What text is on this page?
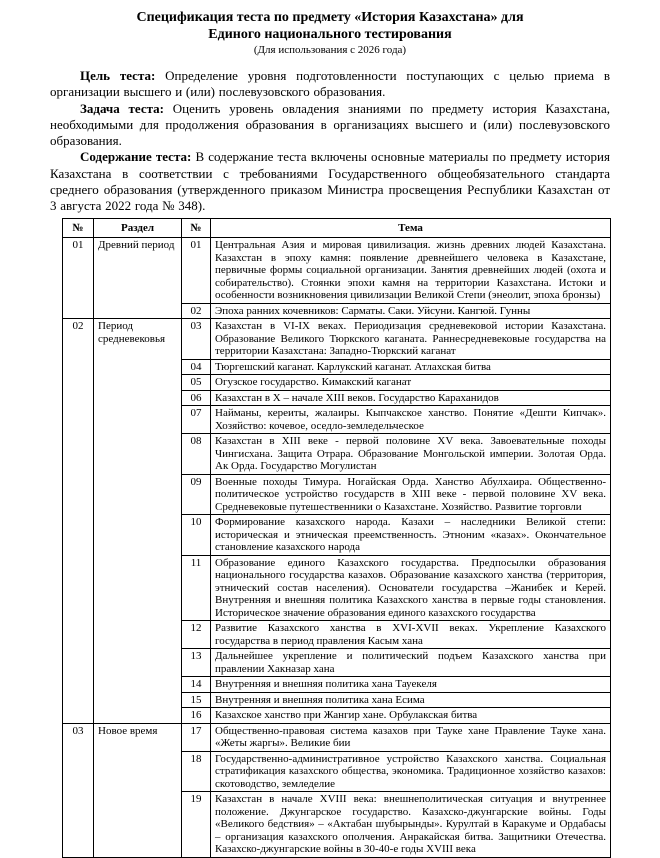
Спецификация теста по предмету «История Казахстана» для
Единого национального тестирования
(Для использования с 2026 года)

Цель теста: Определение уровня подготовленности поступающих с целью приема в организации высшего и (или) послевузовского образования.

Задача теста: Оценить уровень овладения знаниями по предмету история Казахстана, необходимыми для продолжения образования в организациях высшего и (или) послевузовского образования.

Содержание теста: В содержание теста включены основные материалы по предмету история Казахстана в соответствии с требованиями Государственного общеобязательного стандарта среднего образования (утвержденного приказом Министра просвещения Республики Казахстан от 3 августа 2022 года № 348).

№	Раздел	№	Тема
01	Древний период	01	Центральная Азия и мировая цивилизация. жизнь древних людей Казахстана. Казахстан в эпоху камня: появление древнейшего человека в Казахстане, первичные формы социальной организации. Занятия древнейших людей (охота и собирательство). Стоянки эпохи камня на территории Казахстана. Истоки и особенности возникновения цивилизации Великой Степи (энеолит, эпоха бронзы)
		02	Эпоха ранних кочевников: Сарматы. Саки. Уйсуни. Кангюй. Гунны
02	Период средневековья	03	Казахстан в VI-IX веках. Периодизация средневековой истории Казахстана. Образование Великого Тюркского каганата. Раннесредневековые государства на территории Казахстана: Западно-Тюркский каганат
		04	Тюргешский каганат. Карлукский каганат. Атлахская битва
		05	Огузское государство. Кимакский каганат
		06	Казахстан в X – начале XIII веков. Государство Караханидов
		07	Найманы, кереиты, жалаиры. Кыпчакское ханство. Понятие «Дешти Кипчак». Хозяйство: кочевое, оседло-земледельческое
		08	Казахстан в XIII веке - первой половине XV века. Завоевательные походы Чингисхана. Защита Отрара. Образование Монгольской империи. Золотая Орда. Ак Орда. Государство Могулистан
		09	Военные походы Тимура. Ногайская Орда. Ханство Абулхаира. Общественно-политическое устройство государств в XIII веке - первой половине XV века. Средневековые путешественники о Казахстане. Хозяйство. Развитие торговли
		10	Формирование казахского народа. Казахи – наследники Великой степи: историческая и этническая преемственность. Этноним «казах». Окончательное становление казахского народа
		11	Образование единого Казахского государства. Предпосылки образования национального государства казахов. Образование казахского ханства (территория, этнический состав населения). Основатели государства –Жанибек и Керей. Внутренняя и внешняя политика Казахского ханства в первые годы становления. Историческое значение образования единого казахского государства
		12	Развитие Казахского ханства в XVI-XVII веках. Укрепление Казахского государства в период правления Касым хана
		13	Дальнейшее укрепление и политический подъем Казахского ханства при правлении Хакназар хана
		14	Внутренняя и внешняя политика хана Тауекеля
		15	Внутренняя и внешняя политика хана Есима
		16	Казахское ханство при Жангир хане. Орбулакская битва
03	Новое время	17	Общественно-правовая система казахов при Тауке хане Правление Тауке хана. «Жеты жаргы». Великие бии
		18	Государственно-административное устройство Казахского ханства. Социальная стратификация казахского общества, экономика. Традиционное хозяйство казахов: скотоводство, земледелие
		19	Казахстан в начале XVIII века: внешнеполитическая ситуация и внутреннее положение. Джунгарское государство. Казахско-джунгарские войны. Годы «Великого бедствия» – «Актабан шубырынды». Курултай в Каракуме и Ордабасы – организация казахского ополчения. Анракайская битва. Защитники Отечества. Казахско-джунгарские войны в 30-40-е годы XVIII века
